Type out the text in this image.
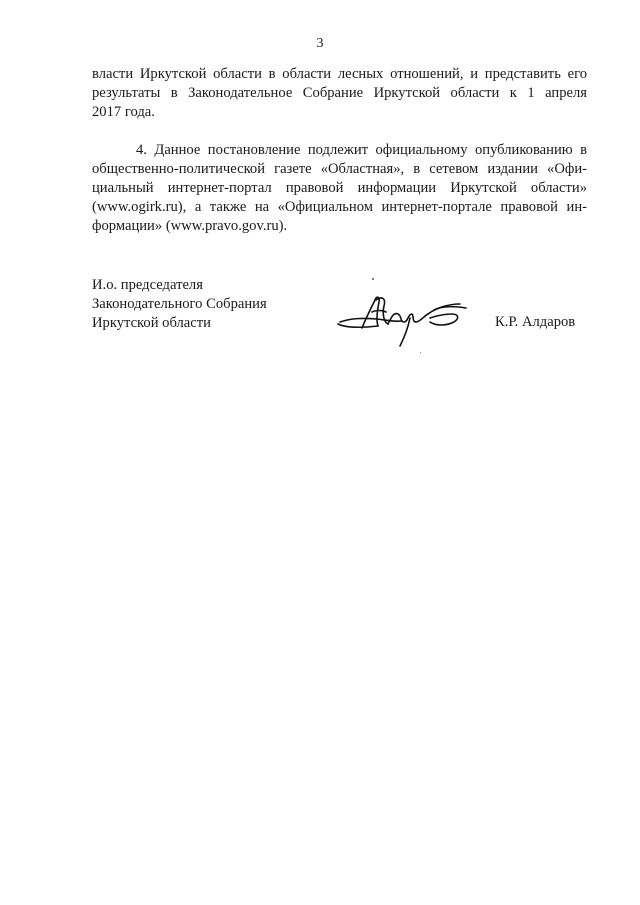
3
власти Иркутской области в области лесных отношений, и представить его
результаты в Законодательное Собрание Иркутской области к 1 апреля
2017 года.
4. Данное постановление подлежит официальному опубликованию в
общественно-политической газете «Областная», в сетевом издании «Офи-
циальный интернет-портал правовой информации Иркутской области»
(www.ogirk.ru), а также на «Официальном интернет-портале правовой ин-
формации» (www.pravo.gov.ru).
И.о. председателя
Законодательного Собрания
Иркутской области	К.Р. Алдаров
